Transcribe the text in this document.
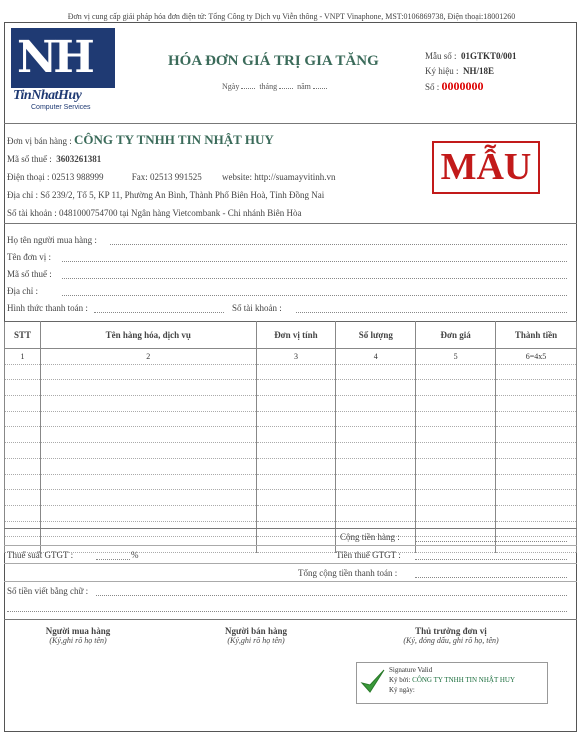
Đơn vị cung cấp giải pháp hóa đơn điện tử: Tổng Công ty Dịch vụ Viễn thông - VNPT Vinaphone, MST:0106869738, Điện thoại:18001260
NH
TinNhatHuy
Computer Services
HÓA ĐƠN GIÁ TRỊ GIA TĂNG
Ngày	tháng	năm
Mẫu số : 01GTKT0/001
Ký hiệu : NH/18E
Số : 0000000
Đơn vị bán hàng : CÔNG TY TNHH TIN NHẬT HUY
Mã số thuế : 3603261381
Điện thoại : 02513 988999	Fax: 02513 991525 website: http://suamayvitinh.vn
Địa chỉ : Số 239/2, Tổ 5, KP 11, Phường An Bình, Thành Phố Biên Hoà, Tỉnh Đồng Nai
Số tài khoản : 0481000754700 tại Ngân hàng Vietcombank - Chi nhánh Biên Hòa
MẪU
Họ tên người mua hàng :
Tên đơn vị :
Mã số thuế :
Địa chỉ :
Hình thức thanh toán :	Số tài khoản :
STT	Tên hàng hóa, dịch vụ	Đơn vị tính	Số lượng	Đơn giá	Thành tiền
1	2	3	4	5	6=4x5

Cộng tiền hàng :
Thuế suất GTGT :	%	Tiền thuế GTGT :
Tổng cộng tiền thanh toán :
Số tiền viết bằng chữ :
Người mua hàng
(Ký,ghi rõ họ tên)
Người bán hàng
(Ký,ghi rõ họ tên)
Thủ trưởng đơn vị
(Ký, đóng dấu, ghi rõ họ, tên)
Signature Valid
Ký bởi: CÔNG TY TNHH TIN NHẬT HUY
Ký ngày:
